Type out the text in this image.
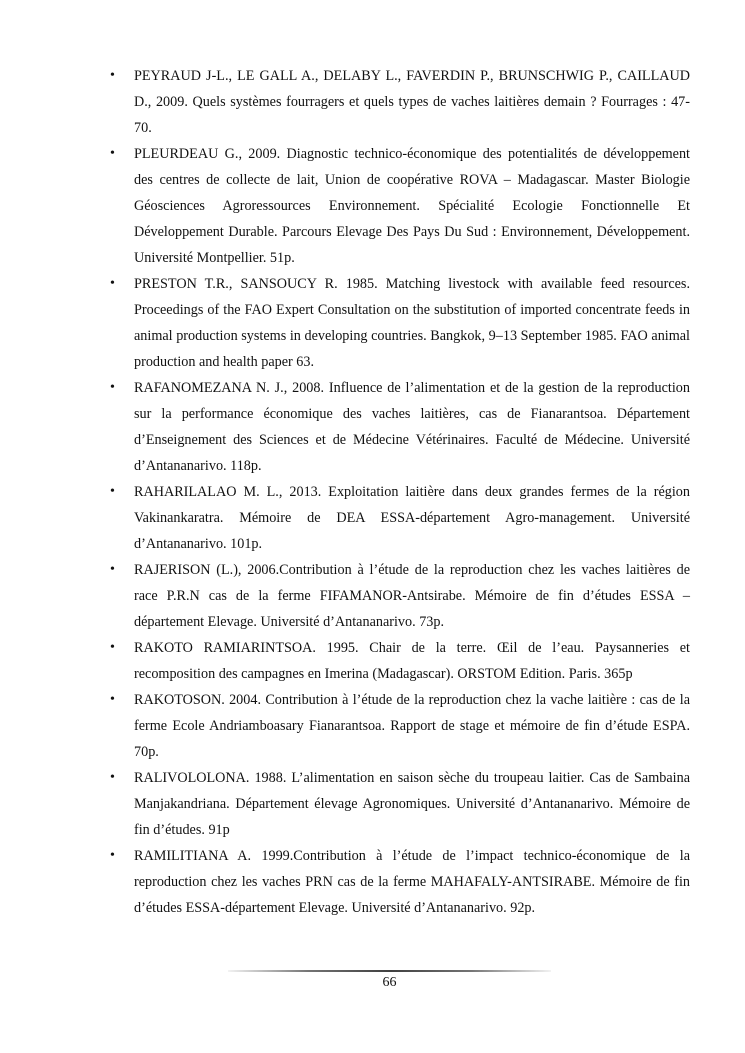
• PEYRAUD J-L., LE GALL A., DELABY L., FAVERDIN P., BRUNSCHWIG P., CAILLAUD D., 2009. Quels systèmes fourragers et quels types de vaches laitières demain ? Fourrages : 47-70.
• PLEURDEAU G., 2009. Diagnostic technico-économique des potentialités de développement des centres de collecte de lait, Union de coopérative ROVA – Madagascar. Master Biologie Géosciences Agroressources Environnement. Spécialité Ecologie Fonctionnelle Et Développement Durable. Parcours Elevage Des Pays Du Sud : Environnement, Développement. Université Montpellier. 51p.
• PRESTON T.R., SANSOUCY R. 1985. Matching livestock with available feed resources. Proceedings of the FAO Expert Consultation on the substitution of imported concentrate feeds in animal production systems in developing countries. Bangkok, 9–13 September 1985. FAO animal production and health paper 63.
• RAFANOMEZANA N. J., 2008. Influence de l’alimentation et de la gestion de la reproduction sur la performance économique des vaches laitières, cas de Fianarantsoa. Département d’Enseignement des Sciences et de Médecine Vétérinaires. Faculté de Médecine. Université d’Antananarivo. 118p.
• RAHARILALAO M. L., 2013. Exploitation laitière dans deux grandes fermes de la région Vakinankaratra. Mémoire de DEA ESSA-département Agro-management. Université d’Antananarivo. 101p.
• RAJERISON (L.), 2006.Contribution à l’étude de la reproduction chez les vaches laitières de race P.R.N cas de la ferme FIFAMANOR-Antsirabe. Mémoire de fin d’études ESSA – département Elevage. Université d’Antananarivo. 73p.
• RAKOTO RAMIARINTSOA. 1995. Chair de la terre. Œil de l’eau. Paysanneries et recomposition des campagnes en Imerina (Madagascar). ORSTOM Edition. Paris. 365p
• RAKOTOSON. 2004. Contribution à l’étude de la reproduction chez la vache laitière : cas de la ferme Ecole Andriamboasary Fianarantsoa. Rapport de stage et mémoire de fin d’étude ESPA. 70p.
• RALIVOLOLONA. 1988. L’alimentation en saison sèche du troupeau laitier. Cas de Sambaina Manjakandriana. Département élevage Agronomiques. Université d’Antananarivo. Mémoire de fin d’études. 91p
• RAMILITIANA A. 1999.Contribution à l’étude de l’impact technico-économique de la reproduction chez les vaches PRN cas de la ferme MAHAFALY-ANTSIRABE. Mémoire de fin d’études ESSA-département Elevage. Université d’Antananarivo. 92p.
66
